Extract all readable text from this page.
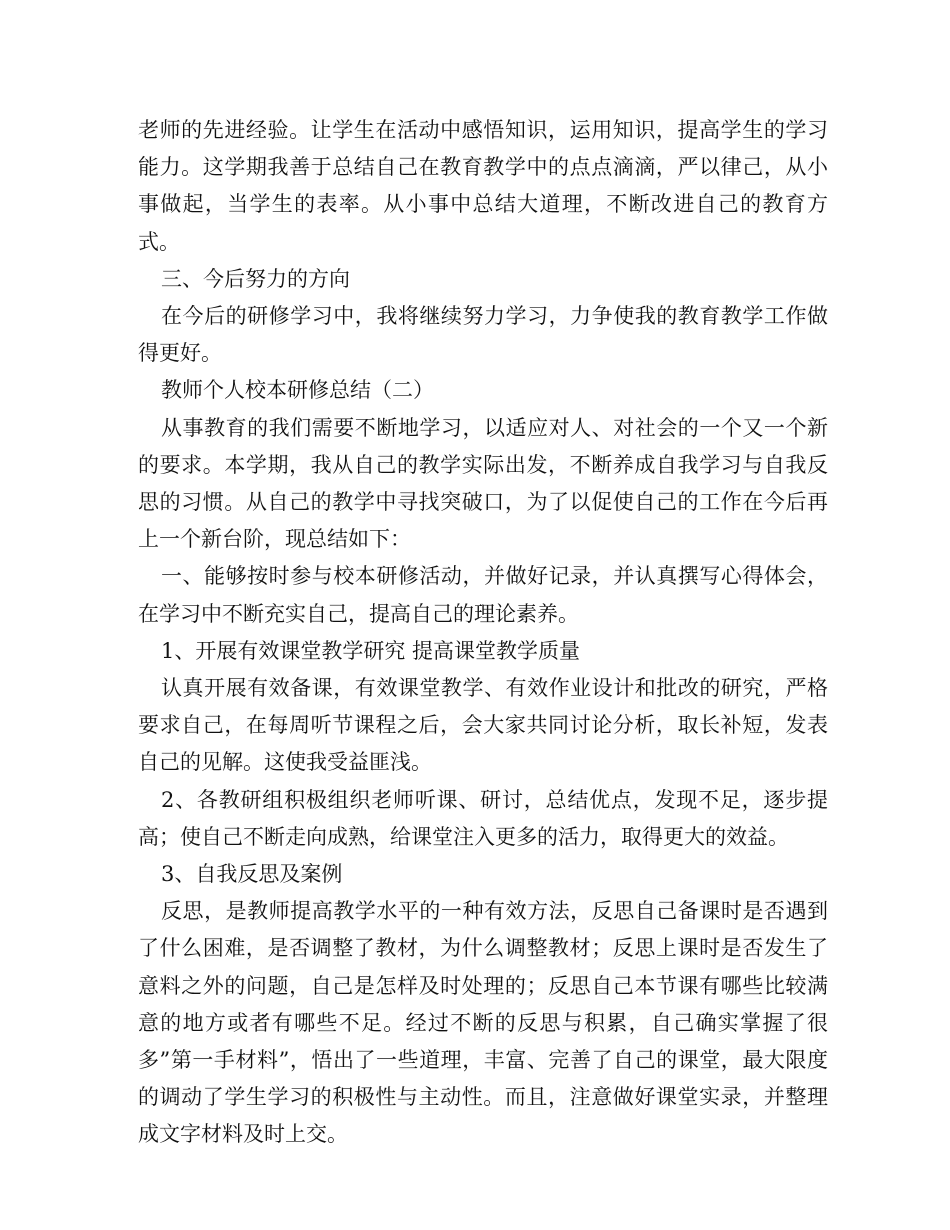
老师的先进经验。让学生在活动中感悟知识，运用知识，提高学生的学习能力。这学期我善于总结自己在教育教学中的点点滴滴，严以律己，从小事做起，当学生的表率。从小事中总结大道理，不断改进自己的教育方式。

三、今后努力的方向

在今后的研修学习中，我将继续努力学习，力争使我的教育教学工作做得更好。

教师个人校本研修总结（二）

从事教育的我们需要不断地学习，以适应对人、对社会的一个又一个新的要求。本学期，我从自己的教学实际出发，不断养成自我学习与自我反思的习惯。从自己的教学中寻找突破口，为了以促使自己的工作在今后再上一个新台阶，现总结如下：

一、能够按时参与校本研修活动，并做好记录，并认真撰写心得体会，在学习中不断充实自己，提高自己的理论素养。

1、开展有效课堂教学研究 提高课堂教学质量

认真开展有效备课，有效课堂教学、有效作业设计和批改的研究，严格要求自己，在每周听节课程之后，会大家共同讨论分析，取长补短，发表自己的见解。这使我受益匪浅。

2、各教研组积极组织老师听课、研讨，总结优点，发现不足，逐步提高；使自己不断走向成熟，给课堂注入更多的活力，取得更大的效益。

3、自我反思及案例

反思，是教师提高教学水平的一种有效方法，反思自己备课时是否遇到了什么困难，是否调整了教材，为什么调整教材；反思上课时是否发生了意料之外的问题，自己是怎样及时处理的；反思自己本节课有哪些比较满意的地方或者有哪些不足。经过不断的反思与积累，自己确实掌握了很多”第一手材料”，悟出了一些道理，丰富、完善了自己的课堂，最大限度的调动了学生学习的积极性与主动性。而且，注意做好课堂实录，并整理成文字材料及时上交。
